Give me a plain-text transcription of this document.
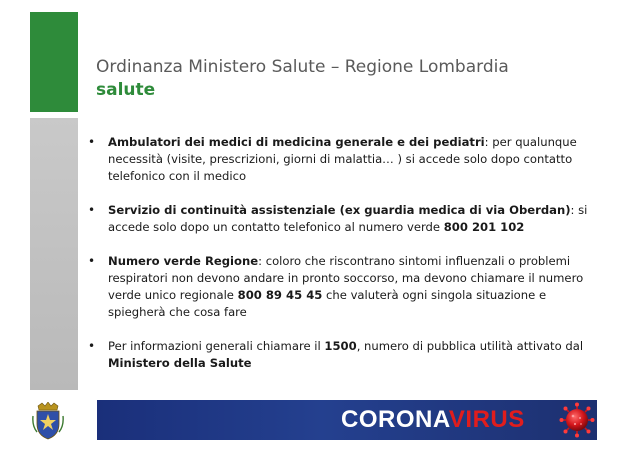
Ordinanza Ministero Salute – Regione Lombardia
salute
• Ambulatori dei medici di medicina generale e dei pediatri: per qualunque necessità (visite, prescrizioni, giorni di malattia… ) si accede solo dopo contatto telefonico con il medico
• Servizio di continuità assistenziale (ex guardia medica di via Oberdan): si accede solo dopo un contatto telefonico al numero verde 800 201 102
• Numero verde Regione: coloro che riscontrano sintomi influenzali o problemi respiratori non devono andare in pronto soccorso, ma devono chiamare il numero verde unico regionale 800 89 45 45 che valuterà ogni singola situazione e spiegherà che cosa fare
• Per informazioni generali chiamare il 1500, numero di pubblica utilità attivato dal Ministero della Salute
CORONAVIRUS
